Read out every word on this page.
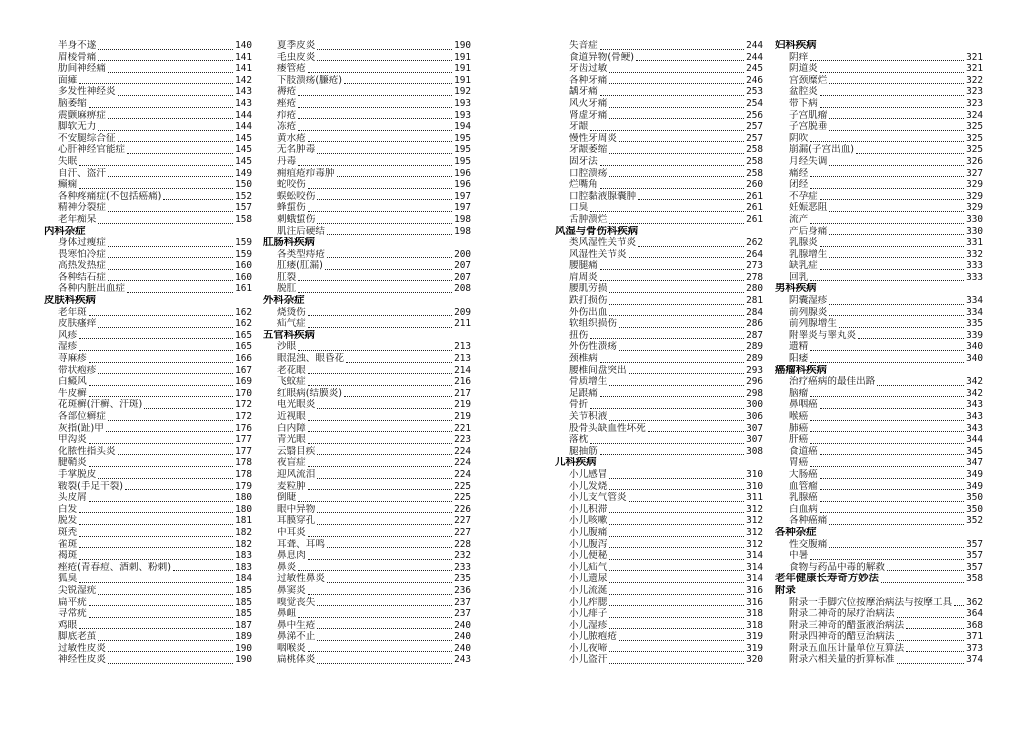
半身不遂	140
眉棱骨痛	141
肋间神经痛	141
面瘫	142
多发性神经炎	143
脑萎缩	143
震颤麻痹症	144
脚软无力	144
不安腿综合征	145
心肝神经官能症	145
失眠	145
自汗、盗汗	149
癫痫	150
各种疼痛症(不包括癌痛)	152
精神分裂症	157
老年痴呆	158
内科杂症
身体过瘦症	159
畏寒怕冷症	159
高热发热症	160
各种结石症	160
各种内脏出血症	161
皮肤科疾病
老年斑	162
皮肤瘙痒	162
风疹	165
湿疹	165
荨麻疹	166
带状疱疹	167
白癜风	169
牛皮癣	170
花斑癣(汗癣、汗斑)	172
各部位癣症	172
灰指(趾)甲	176
甲沟炎	177
化脓性指头炎	177
腱鞘炎	178
手掌脱皮	178
皲裂(手足干裂)	179
头皮屑	180
白发	180
脱发	181
斑秃	182
雀斑	182
褐斑	183
痤疮(青春痘、酒刺、粉刺)	183
狐臭	184
尖锐湿疣	185
扁平疣	185
寻常疣	185
鸡眼	187
脚底老茧	189
过敏性皮炎	190
神经性皮炎	190
夏季皮炎	190
毛虫皮炎	191
瘘管疮	191
下肢溃疡(臁疮)	191
褥疮	192
痤疮	193
疖疮	193
冻疮	194
黄水疮	195
无名肿毒	195
丹毒	195
痈疽疮疖毒肿	196
蛇咬伤	196
蜈蚣咬伤	197
蜂蜇伤	197
刺蛾蜇伤	198
肌注后硬结	198
肛肠科疾病
各类型痔疮	200
肛瘘(肛漏)	207
肛裂	207
脱肛	208
外科杂症
烧烫伤	209
疝气症	211
五官科疾病
沙眼	213
眼混浊、眼昏花	213
老花眼	214
飞蚊症	216
红眼病(结膜炎)	217
电光眼炎	219
近视眼	219
白内障	221
青光眼	223
云翳目疾	224
夜盲症	224
迎风流泪	224
麦粒肿	225
倒睫	225
眼中异物	226
耳膜穿孔	227
中耳炎	227
耳聋、耳鸣	228
鼻息肉	232
鼻炎	233
过敏性鼻炎	235
鼻窦炎	236
嗅觉丧失	237
鼻衄	237
鼻中生疮	240
鼻涕不止	240
咽喉炎	240
扁桃体炎	243
失音症	244
食道异物(骨鲠)	244
牙齿过敏	245
各种牙痛	246
龋牙痛	253
风火牙痛	254
肾虚牙痛	256
牙龈	257
慢性牙周炎	257
牙龈萎缩	258
固牙法	258
口腔溃疡	258
烂嘴角	260
口腔黏液腺囊肿	261
口臭	261
舌肿溃烂	261
风湿与骨伤科疾病
类风湿性关节炎	262
风湿性关节炎	264
腰腿痛	273
肩周炎	278
腰肌劳损	280
跌打损伤	281
外伤出血	284
软组织损伤	286
扭伤	287
外伤性溃疡	289
颈椎病	289
腰椎间盘突出	293
骨质增生	296
足跟痛	298
骨折	300
关节积液	306
股骨头缺血性坏死	307
落枕	307
腿抽筋	308
儿科疾病
小儿感冒	310
小儿发烧	310
小儿支气管炎	311
小儿积滞	312
小儿咳嗽	312
小儿腹痛	312
小儿腹泻	312
小儿便秘	314
小儿疝气	314
小儿遗尿	314
小儿流涎	316
小儿痄腮	316
小儿痱子	318
小儿湿疹	318
小儿脓疱疮	319
小儿夜啼	319
小儿盗汗	320
妇科疾病
阴痒	321
阴道炎	321
宫颈糜烂	322
盆腔炎	323
带下病	323
子宫肌瘤	324
子宫脱垂	325
阴吹	325
崩漏(子宫出血)	325
月经失调	326
痛经	327
闭经	329
不孕症	329
妊娠恶阻	329
流产	330
产后身痛	330
乳腺炎	331
乳腺增生	332
缺乳症	333
回乳	333
男科疾病
阴囊湿疹	334
前列腺炎	334
前列腺增生	335
附睾炎与睾丸炎	339
遗精	340
阳痿	340
癌瘤科疾病
治疗癌病的最佳出路	342
脑瘤	342
鼻咽癌	343
喉癌	343
肺癌	343
肝癌	344
食道癌	345
胃癌	347
大肠癌	349
血管瘤	349
乳腺癌	350
白血病	350
各种癌痛	352
各种杂症
性交腹痛	357
中暑	357
食物与药品中毒的解救	357
老年健康长寿奇方妙法	358
附录
附录一手脚穴位按摩治病法与按摩工具 362
附录二神奇的尿疗治病法	364
附录三神奇的醋蛋液治病法	368
附录四神奇的醋豆治病法	371
附录五血压计量单位互算法	373
附录六相关量的折算标准	374
